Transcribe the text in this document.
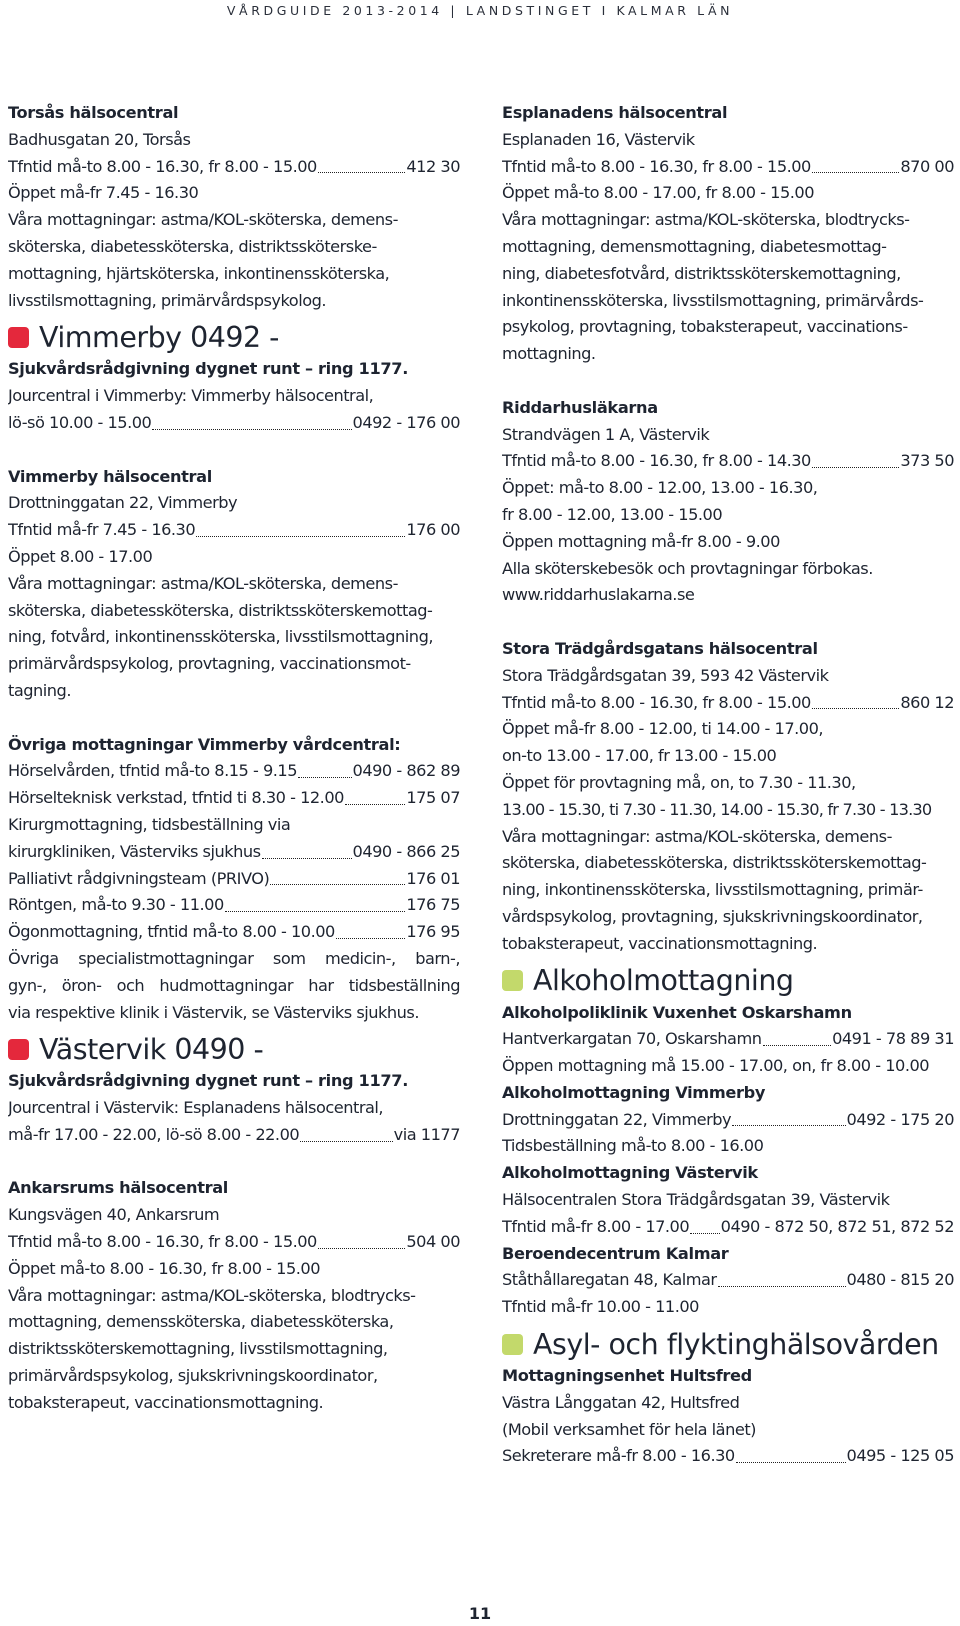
VÅRDGUIDE 2013-2014 | LANDSTINGET I KALMAR LÄN
Torsås hälsocentral
Badhusgatan 20, Torsås
Tfntid må-to 8.00 - 16.30, fr 8.00 - 15.00	412 30
Öppet må-fr 7.45 - 16.30
Våra mottagningar: astma/KOL-sköterska, demens-
sköterska, diabetessköterska, distriktssköterske-
mottagning, hjärtsköterska, inkontinenssköterska,
livsstilsmottagning, primärvårdspsykolog.
Vimmerby 0492 -
Sjukvårdsrådgivning dygnet runt – ring 1177.
Jourcentral i Vimmerby: Vimmerby hälsocentral,
lö-sö 10.00 - 15.00	0492 - 176 00
Vimmerby hälsocentral
Drottninggatan 22, Vimmerby
Tfntid må-fr 7.45 - 16.30	176 00
Öppet 8.00 - 17.00
Våra mottagningar: astma/KOL-sköterska, demens-
sköterska, diabetessköterska, distriktssköterskemottag-
ning, fotvård, inkontinenssköterska, livsstilsmottagning,
primärvårdspsykolog, provtagning, vaccinationsmot-
tagning.
Övriga mottagningar Vimmerby vårdcentral:
Hörselvården, tfntid må-to 8.15 - 9.15	0490 - 862 89
Hörselteknisk verkstad, tfntid ti 8.30 - 12.00	175 07
Kirurgmottagning, tidsbeställning via
kirurgkliniken, Västerviks sjukhus	0490 - 866 25
Palliativt rådgivningsteam (PRIVO)	176 01
Röntgen, må-to 9.30 - 11.00	176 75
Ögonmottagning, tfntid må-to 8.00 - 10.00	176 95
Övriga specialistmottagningar som medicin-, barn-,
gyn-, öron- och hudmottagningar har tidsbeställning
via respektive klinik i Västervik, se Västerviks sjukhus.
Västervik 0490 -
Sjukvårdsrådgivning dygnet runt – ring 1177.
Jourcentral i Västervik: Esplanadens hälsocentral,
må-fr 17.00 - 22.00, lö-sö 8.00 - 22.00	via 1177
Ankarsrums hälsocentral
Kungsvägen 40, Ankarsrum
Tfntid må-to 8.00 - 16.30, fr 8.00 - 15.00	504 00
Öppet må-to 8.00 - 16.30, fr 8.00 - 15.00
Våra mottagningar: astma/KOL-sköterska, blodtrycks-
mottagning, demenssköterska, diabetessköterska,
distriktssköterskemottagning, livsstilsmottagning,
primärvårdspsykolog, sjukskrivningskoordinator,
tobaksterapeut, vaccinationsmottagning.
Esplanadens hälsocentral
Esplanaden 16, Västervik
Tfntid må-to 8.00 - 16.30, fr 8.00 - 15.00	870 00
Öppet må-to 8.00 - 17.00, fr 8.00 - 15.00
Våra mottagningar: astma/KOL-sköterska, blodtrycks-
mottagning, demensmottagning, diabetesmottag-
ning, diabetesfotvård, distriktssköterskemottagning,
inkontinenssköterska, livsstilsmottagning, primärvårds-
psykolog, provtagning, tobaksterapeut, vaccinations-
mottagning.
Riddarhusläkarna
Strandvägen 1 A, Västervik
Tfntid må-to 8.00 - 16.30, fr 8.00 - 14.30	373 50
Öppet: må-to 8.00 - 12.00, 13.00 - 16.30,
fr 8.00 - 12.00, 13.00 - 15.00
Öppen mottagning må-fr 8.00 - 9.00
Alla sköterskebesök och provtagningar förbokas.
www.riddarhuslakarna.se
Stora Trädgårdsgatans hälsocentral
Stora Trädgårdsgatan 39, 593 42 Västervik
Tfntid må-to 8.00 - 16.30, fr 8.00 - 15.00	860 12
Öppet må-fr 8.00 - 12.00, ti 14.00 - 17.00,
on-to 13.00 - 17.00, fr 13.00 - 15.00
Öppet för provtagning må, on, to 7.30 - 11.30,
13.00 - 15.30, ti 7.30 - 11.30, 14.00 - 15.30, fr 7.30 - 13.30
Våra mottagningar: astma/KOL-sköterska, demens-
sköterska, diabetessköterska, distriktssköterskemottag-
ning, inkontinenssköterska, livsstilsmottagning, primär-
vårdspsykolog, provtagning, sjukskrivningskoordinator,
tobaksterapeut, vaccinationsmottagning.
Alkoholmottagning
Alkoholpoliklinik Vuxenhet Oskarshamn
Hantverkargatan 70, Oskarshamn	0491 - 78 89 31
Öppen mottagning må 15.00 - 17.00, on, fr 8.00 - 10.00
Alkoholmottagning Vimmerby
Drottninggatan 22, Vimmerby	0492 - 175 20
Tidsbeställning må-to 8.00 - 16.00
Alkoholmottagning Västervik
Hälsocentralen Stora Trädgårdsgatan 39, Västervik
Tfntid må-fr 8.00 - 17.00 0490 - 872 50, 872 51, 872 52
Beroendecentrum Kalmar
Ståthållaregatan 48, Kalmar	0480 - 815 20
Tfntid må-fr 10.00 - 11.00
Asyl- och flyktinghälsovården
Mottagningsenhet Hultsfred
Västra Långgatan 42, Hultsfred
(Mobil verksamhet för hela länet)
Sekreterare må-fr 8.00 - 16.30	0495 - 125 05
11
